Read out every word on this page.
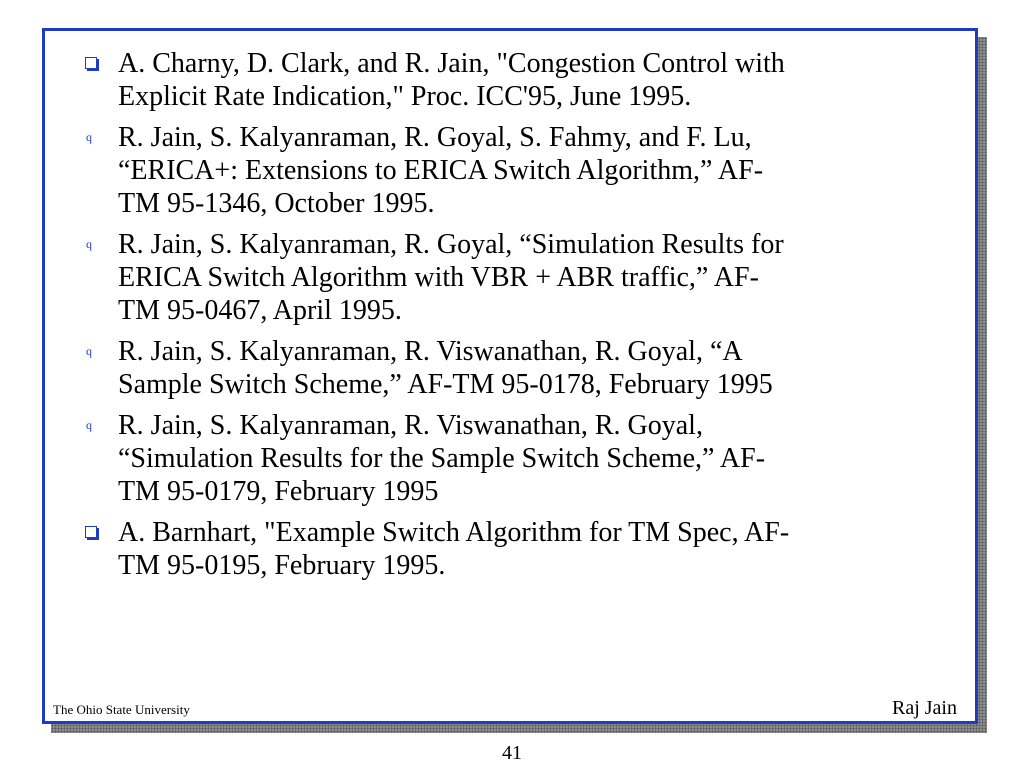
A. Charny, D. Clark, and R. Jain, "Congestion Control with
Explicit Rate Indication," Proc. ICC'95, June 1995.
q R. Jain, S. Kalyanraman, R. Goyal, S. Fahmy, and F. Lu,
“ERICA+: Extensions to ERICA Switch Algorithm,” AF-
TM 95-1346, October 1995.
q R. Jain, S. Kalyanraman, R. Goyal, “Simulation Results for
ERICA Switch Algorithm with VBR + ABR traffic,” AF-
TM 95-0467, April 1995.
q R. Jain, S. Kalyanraman, R. Viswanathan, R. Goyal, “A
Sample Switch Scheme,” AF-TM 95-0178, February 1995
q R. Jain, S. Kalyanraman, R. Viswanathan, R. Goyal,
“Simulation Results for the Sample Switch Scheme,” AF-
TM 95-0179, February 1995
A. Barnhart, "Example Switch Algorithm for TM Spec, AF-
TM 95-0195, February 1995.
The Ohio State University	Raj Jain
41
